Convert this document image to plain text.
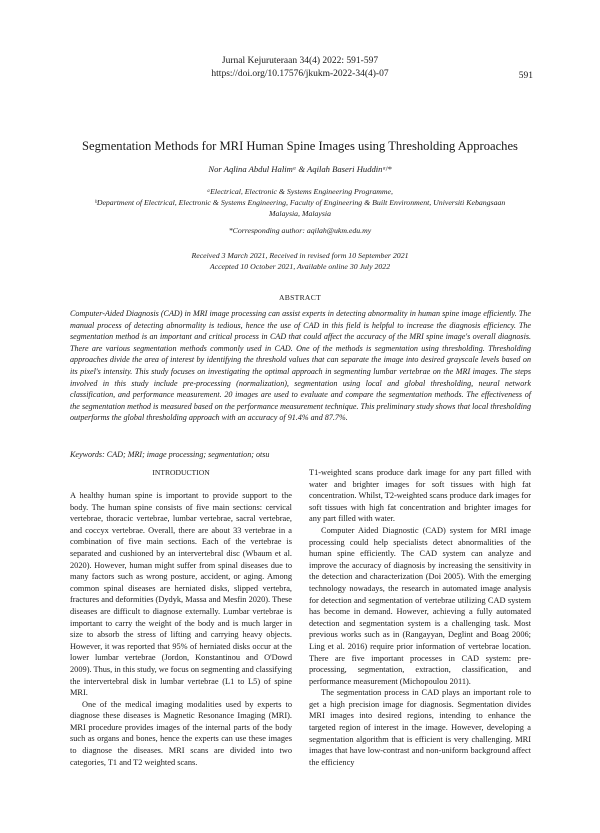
Jurnal Kejuruteraan 34(4) 2022: 591-597
https://doi.org/10.17576/jkukm-2022-34(4)-07	591
Segmentation Methods for MRI Human Spine Images using Thresholding Approaches
Nor Aqlina Abdul Halimᵃ & Aqilah Baseri Huddinᵃʲ*
ᵃElectrical, Electronic & Systems Engineering Programme,
ᵇDepartment of Electrical, Electronic & Systems Engineering, Faculty of Engineering & Built Environment, Universiti Kebangsaan Malaysia, Malaysia
*Corresponding author: aqilah@ukm.edu.my
Received 3 March 2021, Received in revised form 10 September 2021
Accepted 10 October 2021, Available online 30 July 2022
ABSTRACT
Computer-Aided Diagnosis (CAD) in MRI image processing can assist experts in detecting abnormality in human spine image efficiently. The manual process of detecting abnormality is tedious, hence the use of CAD in this field is helpful to increase the diagnosis efficiency. The segmentation method is an important and critical process in CAD that could affect the accuracy of the MRI spine image's overall diagnosis. There are various segmentation methods commonly used in CAD. One of the methods is segmentation using thresholding. Thresholding approaches divide the area of interest by identifying the threshold values that can separate the image into desired grayscale levels based on its pixel's intensity. This study focuses on investigating the optimal approach in segmenting lumbar vertebrae on the MRI images. The steps involved in this study include pre-processing (normalization), segmentation using local and global thresholding, neural network classification, and performance measurement. 20 images are used to evaluate and compare the segmentation methods. The effectiveness of the segmentation method is measured based on the performance measurement technique. This preliminary study shows that local thresholding outperforms the global thresholding approach with an accuracy of 91.4% and 87.7%.
Keywords: CAD; MRI; image processing; segmentation; otsu
INTRODUCTION

A healthy human spine is important to provide support to the body. The human spine consists of five main sections: cervical vertebrae, thoracic vertebrae, lumbar vertebrae, sacral vertebrae, and coccyx vertebrae. Overall, there are about 33 vertebrae in a combination of five main sections. Each of the vertebrae is separated and cushioned by an intervertebral disc (Wbaum et al. 2020). However, human might suffer from spinal diseases due to many factors such as wrong posture, accident, or aging. Among common spinal diseases are herniated disks, slipped vertebra, fractures and deformities (Dydyk, Massa and Mesfin 2020). These diseases are difficult to diagnose externally. Lumbar vertebrae is important to carry the weight of the body and is much larger in size to absorb the stress of lifting and carrying heavy objects. However, it was reported that 95% of herniated disks occur at the lower lumbar vertebrae (Jordon, Konstantinou and O'Dowd 2009). Thus, in this study, we focus on segmenting and classifying the intervertebral disk in lumbar vertebrae (L1 to L5) of spine MRI.

One of the medical imaging modalities used by experts to diagnose these diseases is Magnetic Resonance Imaging (MRI). MRI procedure provides images of the internal parts of the body such as organs and bones, hence the experts can use these images to diagnose the diseases. MRI scans are divided into two categories, T1 and T2 weighted scans.

T1-weighted scans produce dark image for any part filled with water and brighter images for soft tissues with high fat concentration. Whilst, T2-weighted scans produce dark images for soft tissues with high fat concentration and brighter images for any part filled with water.

Computer Aided Diagnostic (CAD) system for MRI image processing could help specialists detect abnormalities of the human spine efficiently. The CAD system can analyze and improve the accuracy of diagnosis by increasing the sensitivity in the detection and characterization (Doi 2005). With the emerging technology nowadays, the research in automated image analysis for detection and segmentation of vertebrae utilizing CAD system has become in demand. However, achieving a fully automated detection and segmentation system is a challenging task. Most previous works such as in (Rangayyan, Deglint and Boag 2006; Ling et al. 2016) require prior information of vertebrae location. There are five important processes in CAD system: pre-processing, segmentation, extraction, classification, and performance measurement (Michopoulou 2011).

The segmentation process in CAD plays an important role to get a high precision image for diagnosis. Segmentation divides MRI images into desired regions, intending to enhance the targeted region of interest in the image. However, developing a segmentation algorithm that is efficient is very challenging. MRI images that have low-contrast and non-uniform background affect the efficiency
